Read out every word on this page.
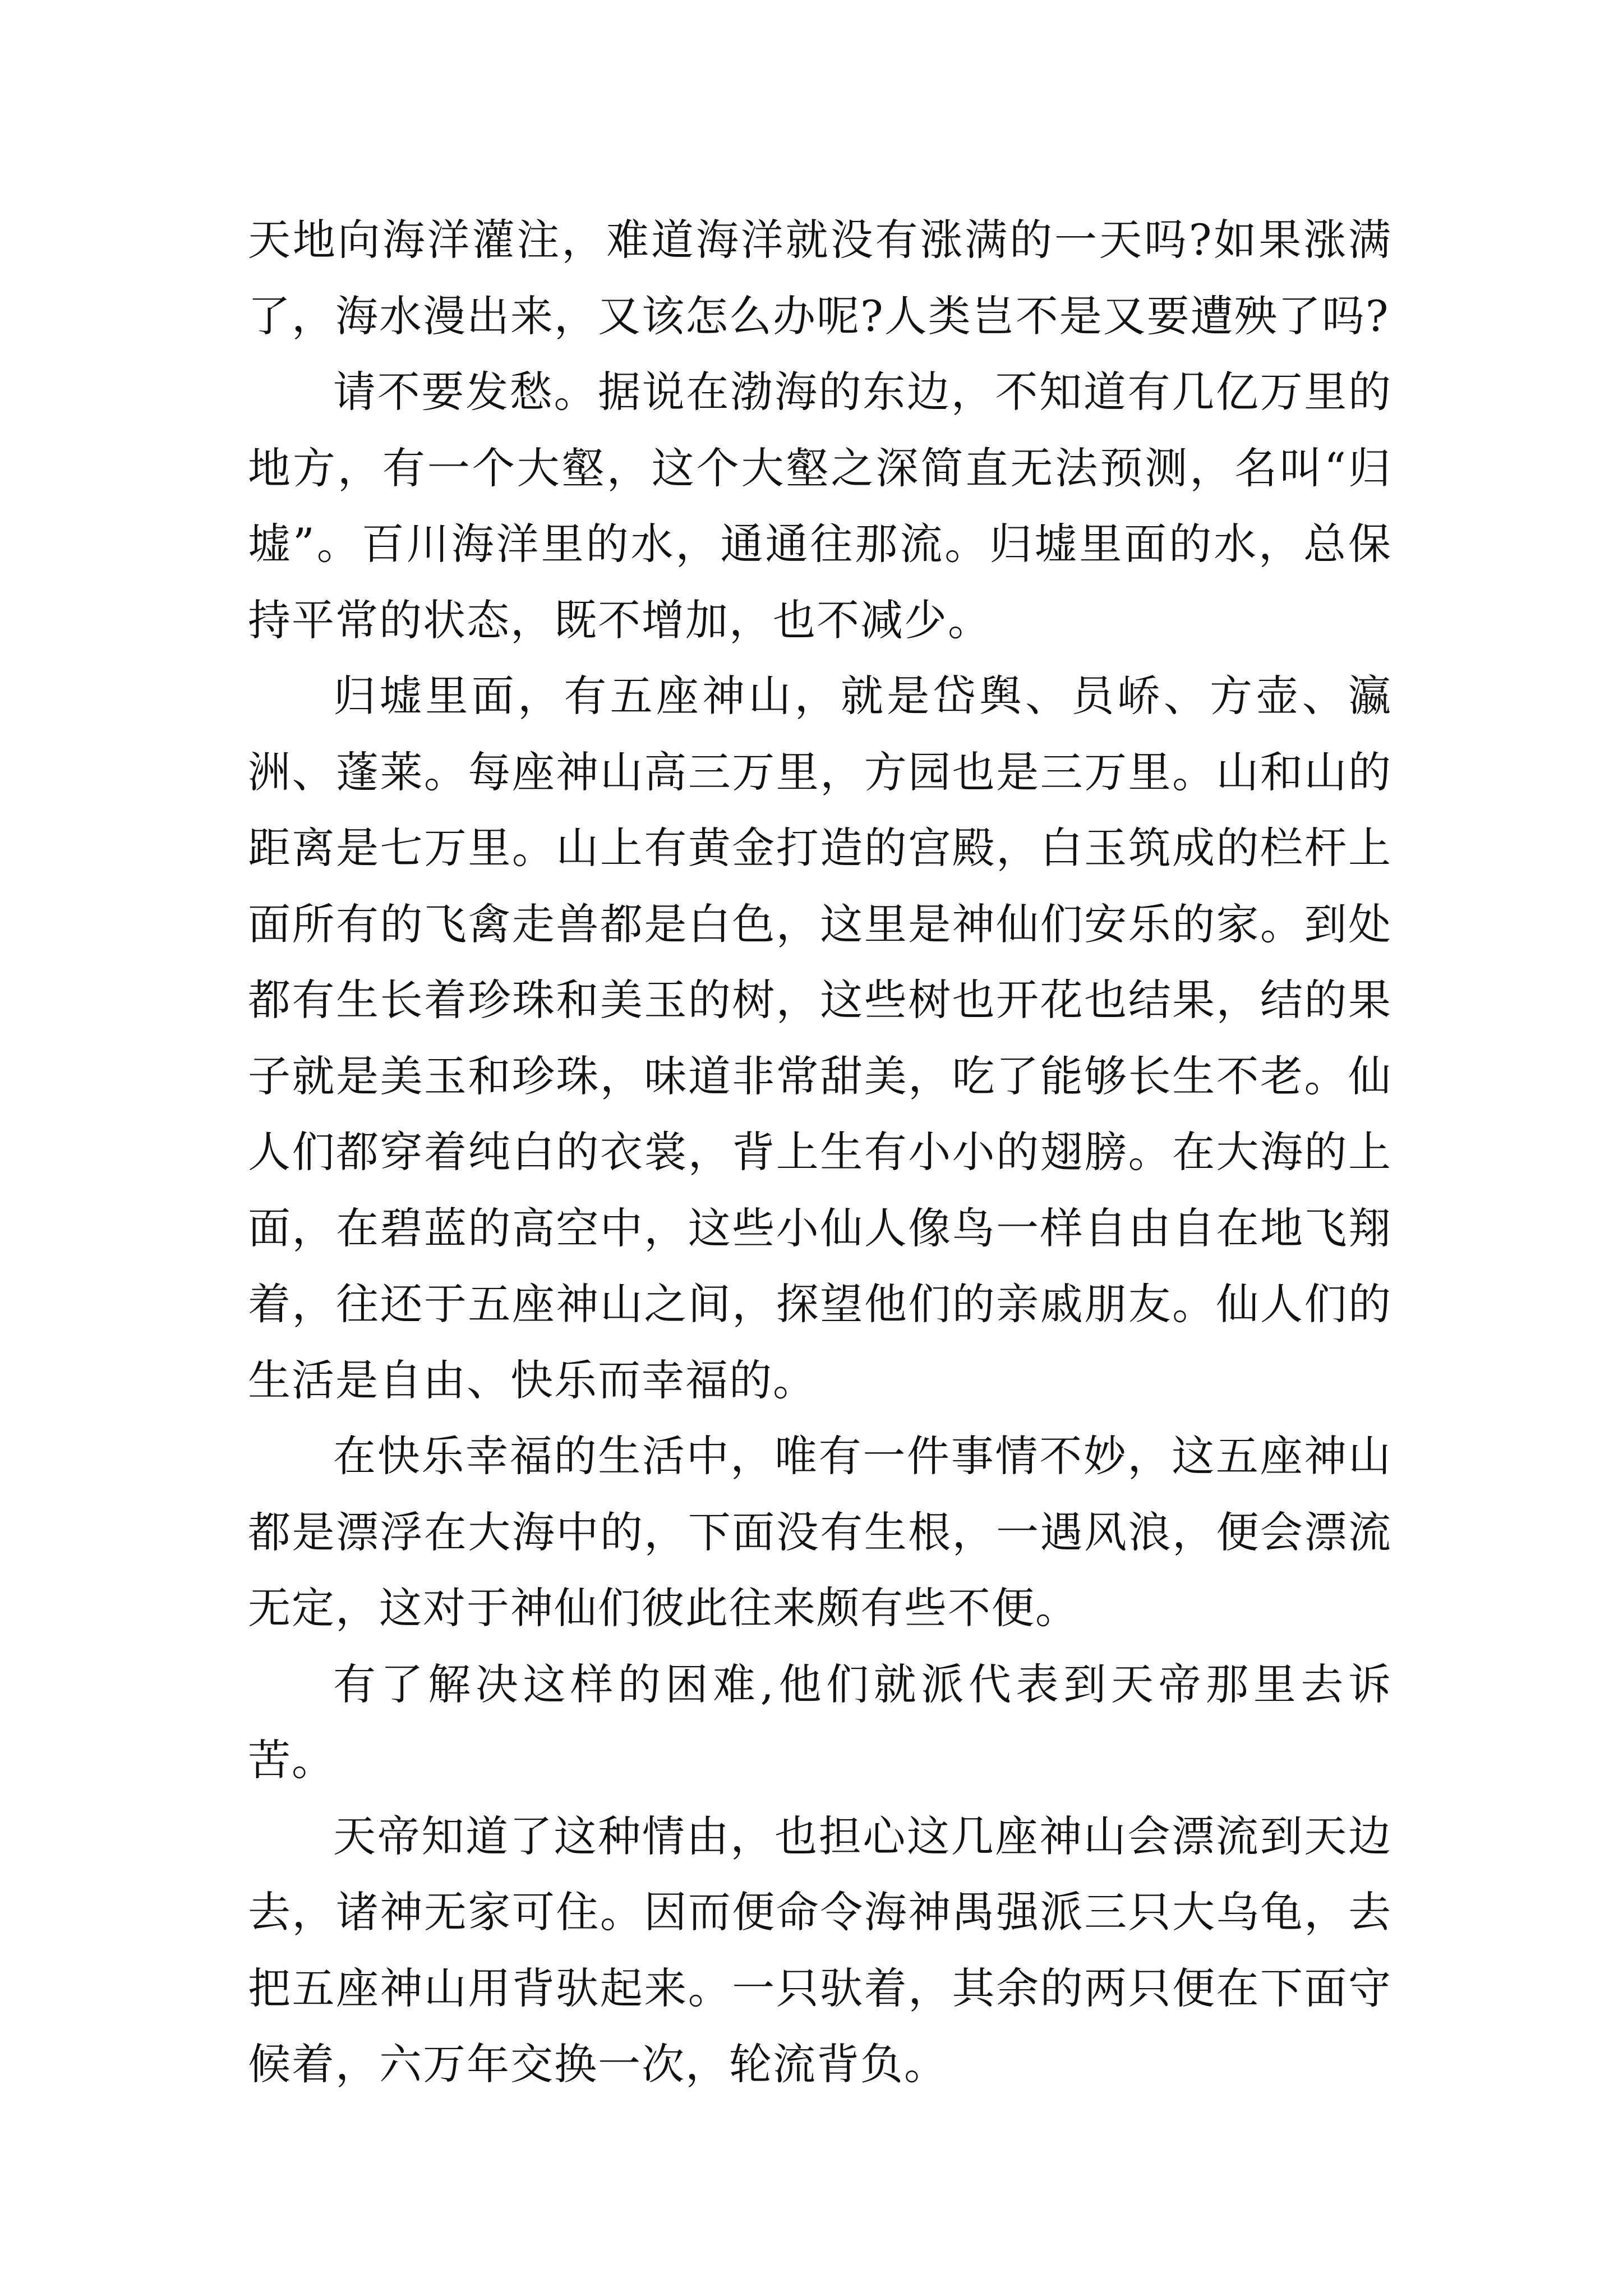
天地向海洋灌注，难道海洋就没有涨满的一天吗?如果涨满了，海水漫出来，又该怎么办呢?人类岂不是又要遭殃了吗?

请不要发愁。据说在渤海的东边，不知道有几亿万里的地方，有一个大壑，这个大壑之深简直无法预测，名叫“归墟”。百川海洋里的水，通通往那流。归墟里面的水，总保持平常的状态，既不增加，也不减少。

归墟里面，有五座神山，就是岱舆、员峤、方壶、瀛洲、蓬莱。每座神山高三万里，方园也是三万里。山和山的距离是七万里。山上有黄金打造的宫殿，白玉筑成的栏杆上面所有的飞禽走兽都是白色，这里是神仙们安乐的家。到处都有生长着珍珠和美玉的树，这些树也开花也结果，结的果子就是美玉和珍珠，味道非常甜美，吃了能够长生不老。仙人们都穿着纯白的衣裳，背上生有小小的翅膀。在大海的上面，在碧蓝的高空中，这些小仙人像鸟一样自由自在地飞翔着，往还于五座神山之间，探望他们的亲戚朋友。仙人们的生活是自由、快乐而幸福的。

在快乐幸福的生活中，唯有一件事情不妙，这五座神山都是漂浮在大海中的，下面没有生根，一遇风浪，便会漂流无定，这对于神仙们彼此往来颇有些不便。

有了解决这样的困难,他们就派代表到天帝那里去诉苦。

天帝知道了这种情由，也担心这几座神山会漂流到天边去，诸神无家可住。因而便命令海神禺强派三只大乌龟，去把五座神山用背驮起来。一只驮着，其余的两只便在下面守候着，六万年交换一次，轮流背负。
